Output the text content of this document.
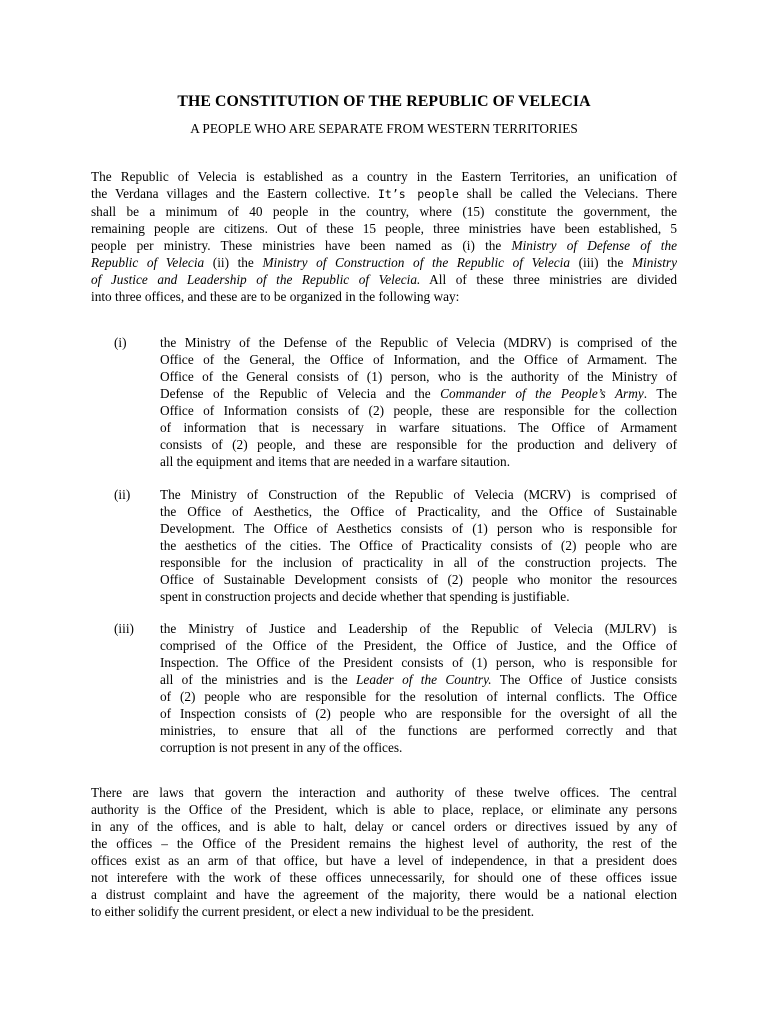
THE CONSTITUTION OF THE REPUBLIC OF VELECIA
A PEOPLE WHO ARE SEPARATE FROM WESTERN TERRITORIES
The Republic of Velecia is established as a country in the Eastern Territories, an unification of
the Verdana villages and the Eastern collective. It’s people shall be called the Velecians. There
shall be a minimum of 40 people in the country, where (15) constitute the government, the
remaining people are citizens. Out of these 15 people, three ministries have been established, 5
people per ministry. These ministries have been named as (i) the Ministry of Defense of the
Republic of Velecia (ii) the Ministry of Construction of the Republic of Velecia (iii) the Ministry
of Justice and Leadership of the Republic of Velecia. All of these three ministries are divided
into three offices, and these are to be organized in the following way:
(i)	the Ministry of the Defense of the Republic of Velecia (MDRV) is comprised of the
Office of the General, the Office of Information, and the Office of Armament. The
Office of the General consists of (1) person, who is the authority of the Ministry of
Defense of the Republic of Velecia and the Commander of the People’s Army. The
Office of Information consists of (2) people, these are responsible for the collection
of information that is necessary in warfare situations. The Office of Armament
consists of (2) people, and these are responsible for the production and delivery of
all the equipment and items that are needed in a warfare sitaution.
(ii)	The Ministry of Construction of the Republic of Velecia (MCRV) is comprised of
the Office of Aesthetics, the Office of Practicality, and the Office of Sustainable
Development. The Office of Aesthetics consists of (1) person who is responsible for
the aesthetics of the cities. The Office of Practicality consists of (2) people who are
responsible for the inclusion of practicality in all of the construction projects. The
Office of Sustainable Development consists of (2) people who monitor the resources
spent in construction projects and decide whether that spending is justifiable.
(iii)	the Ministry of Justice and Leadership of the Republic of Velecia (MJLRV) is
comprised of the Office of the President, the Office of Justice, and the Office of
Inspection. The Office of the President consists of (1) person, who is responsible for
all of the ministries and is the Leader of the Country. The Office of Justice consists
of (2) people who are responsible for the resolution of internal conflicts. The Office
of Inspection consists of (2) people who are responsible for the oversight of all the
ministries, to ensure that all of the functions are performed correctly and that
corruption is not present in any of the offices.
There are laws that govern the interaction and authority of these twelve offices. The central
authority is the Office of the President, which is able to place, replace, or eliminate any persons
in any of the offices, and is able to halt, delay or cancel orders or directives issued by any of
the offices – the Office of the President remains the highest level of authority, the rest of the
offices exist as an arm of that office, but have a level of independence, in that a president does
not interefere with the work of these offices unnecessarily, for should one of these offices issue
a distrust complaint and have the agreement of the majority, there would be a national election
to either solidify the current president, or elect a new individual to be the president.
